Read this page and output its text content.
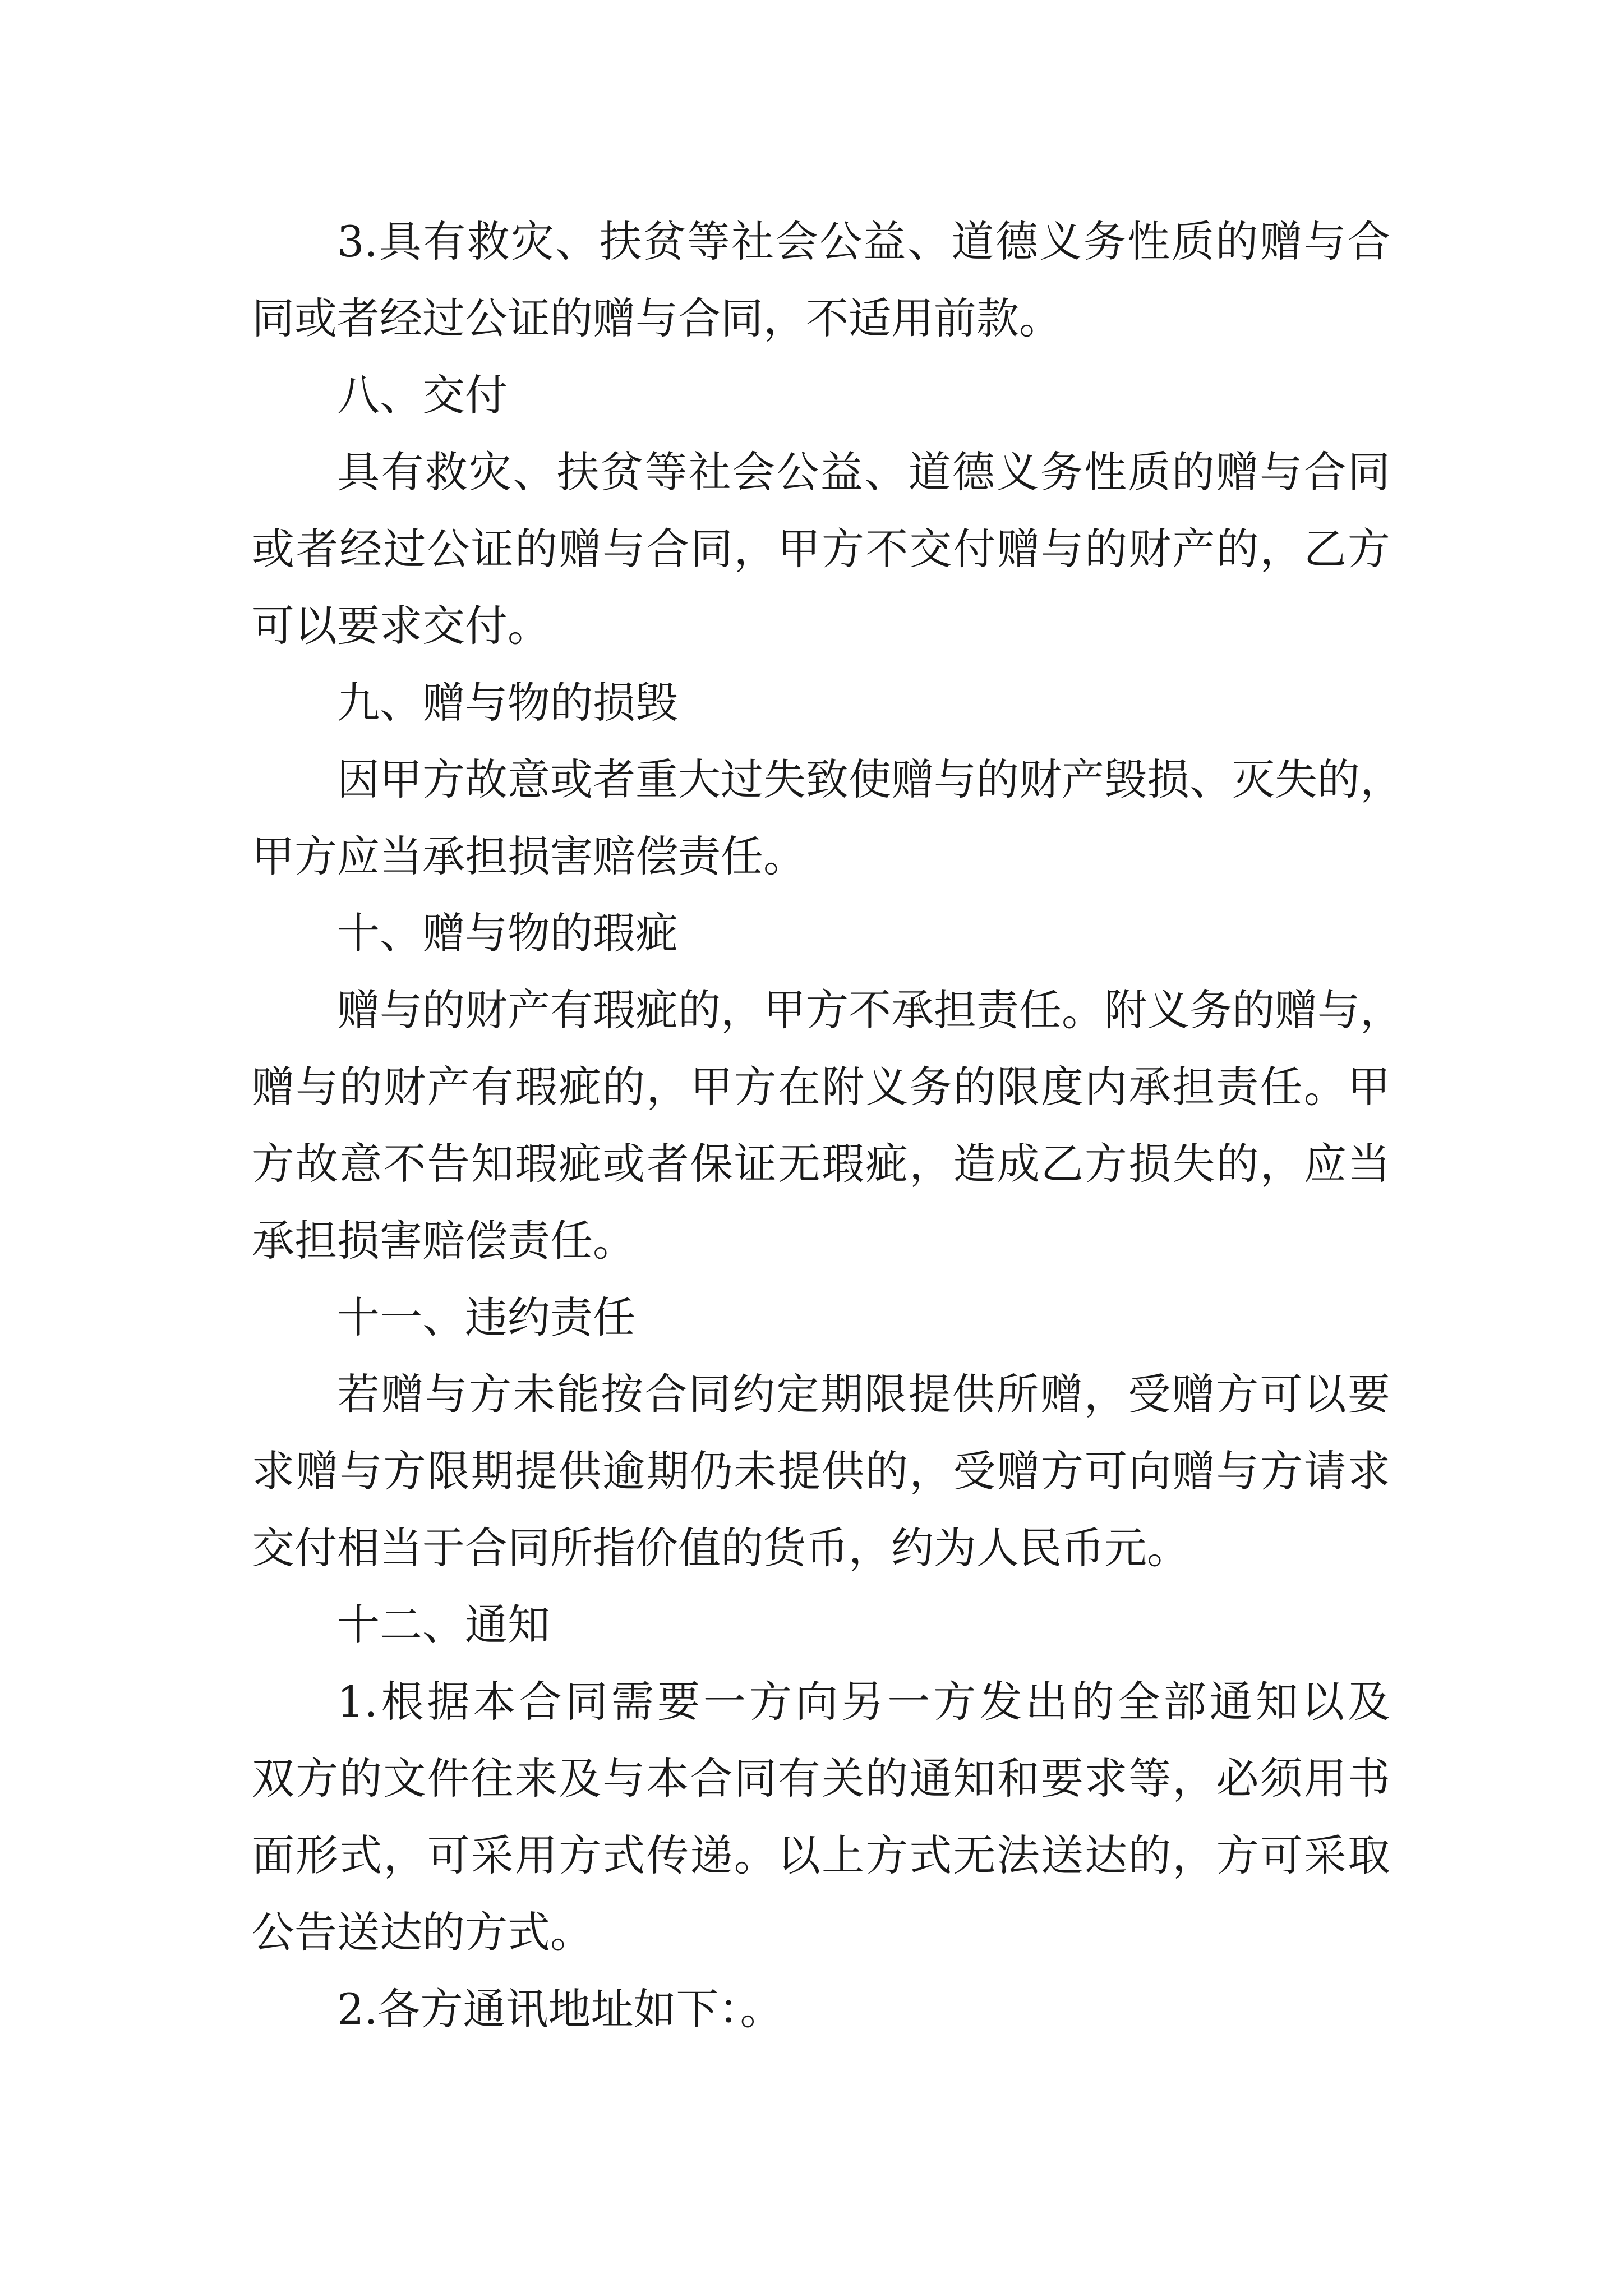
3.具有救灾、扶贫等社会公益、道德义务性质的赠与合
同或者经过公证的赠与合同，不适用前款。
八、交付
具有救灾、扶贫等社会公益、道德义务性质的赠与合同
或者经过公证的赠与合同，甲方不交付赠与的财产的，乙方
可以要求交付。
九、赠与物的损毁
因甲方故意或者重大过失致使赠与的财产毁损、灭失的，
甲方应当承担损害赔偿责任。
十、赠与物的瑕疵
赠与的财产有瑕疵的，甲方不承担责任。附义务的赠与，
赠与的财产有瑕疵的，甲方在附义务的限度内承担责任。甲
方故意不告知瑕疵或者保证无瑕疵，造成乙方损失的，应当
承担损害赔偿责任。
十一、违约责任
若赠与方未能按合同约定期限提供所赠，受赠方可以要
求赠与方限期提供逾期仍未提供的，受赠方可向赠与方请求
交付相当于合同所指价值的货币，约为人民币元。
十二、通知
1.根据本合同需要一方向另一方发出的全部通知以及
双方的文件往来及与本合同有关的通知和要求等，必须用书
面形式，可采用方式传递。以上方式无法送达的，方可采取
公告送达的方式。
2.各方通讯地址如下：。
